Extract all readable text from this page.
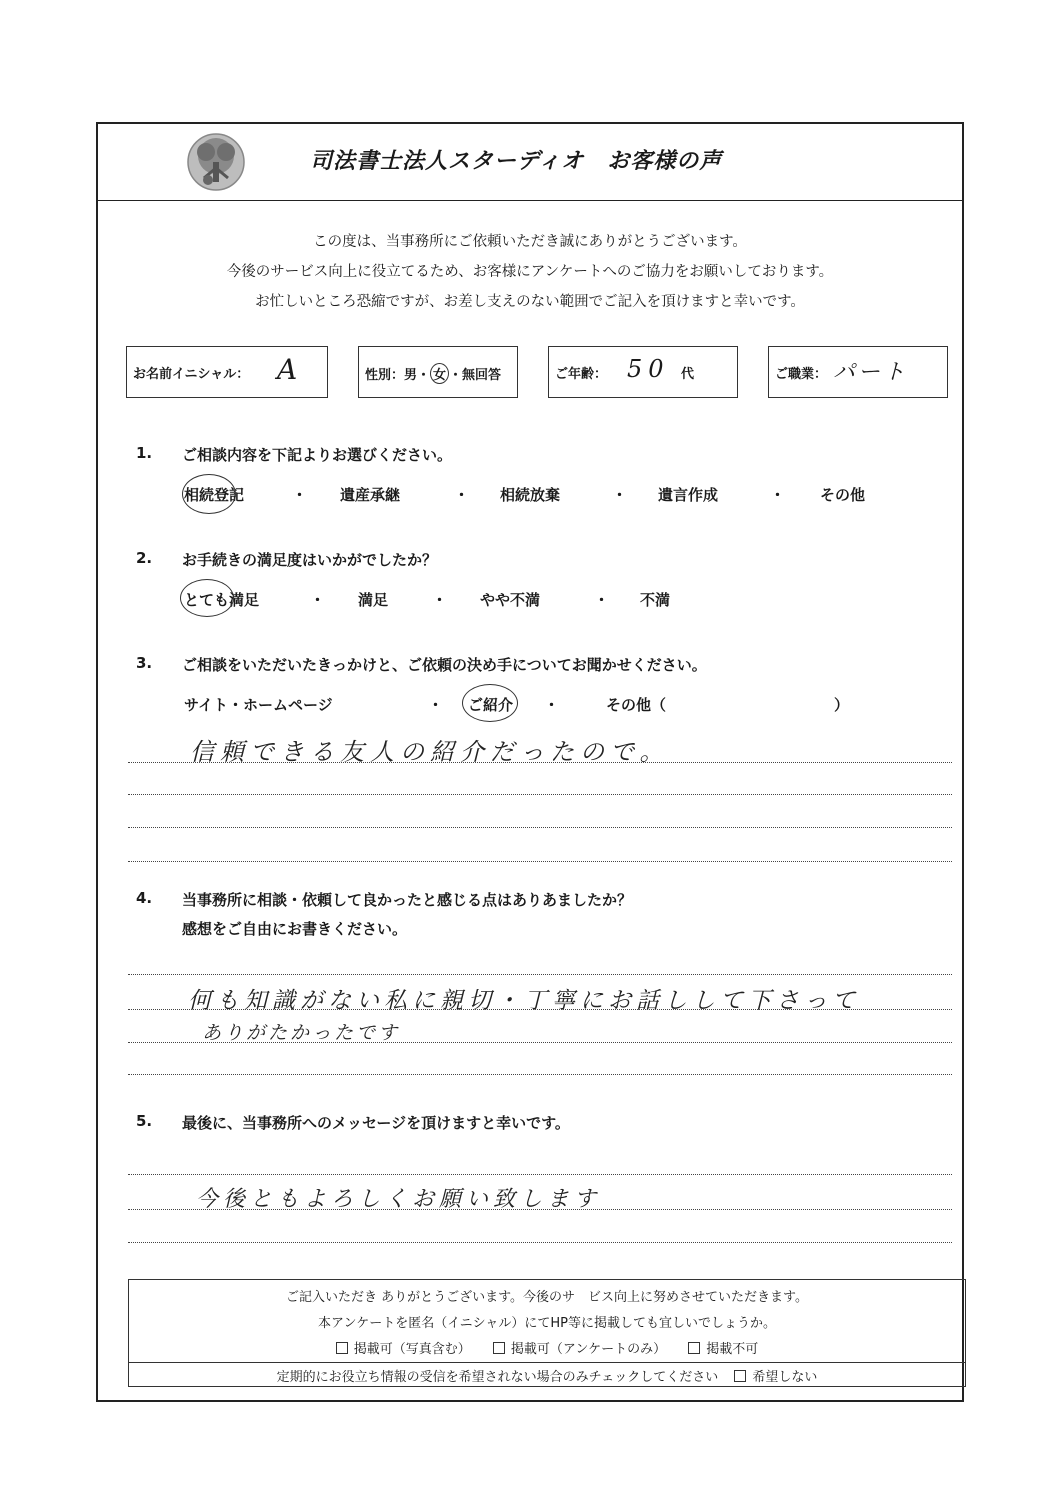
司法書士法人スターディオ　お客様の声
この度は、当事務所にご依頼いただき誠にありがとうございます。
今後のサービス向上に役立てるため、お客様にアンケートへのご協力をお願いしております。
お忙しいところ恐縮ですが、お差し支えのない範囲でご記入を頂けますと幸いです。
お名前イニシャル： A	性別：男・ 女 ・無回答	ご年齢： 50 代	ご職業： パート
1. ご相談内容を下記よりお選びください。
相続登記	・ 遺産承継	・ 相続放棄	・ 遺言作成	・ その他
2. お手続きの満足度はいかがでしたか？
とても満足	・ 満足	・ やや不満	・ 不満
3. ご相談をいただいたきっかけと、ご依頼の決め手についてお聞かせください。
サイト・ホームページ	・ ご紹介 ・	その他（	）
信頼できる友人の紹介だったので。
4. 当事務所に相談・依頼して良かったと感じる点はありあましたか？
感想をご自由にお書きください。
何も知識がない私に親切・丁寧にお話しして下さって
ありがたかったです
5. 最後に、当事務所へのメッセージを頂けますと幸いです。
今後ともよろしくお願い致します
ご記入いただき ありがとうございます。今後のサ　ビス向上に努めさせていただきます。
本アンケートを匿名（イニシャル）にてHP等に掲載しても宜しいでしょうか。
掲載可（写真含む）	掲載可（アンケートのみ）	掲載不可
定期的にお役立ち情報の受信を希望されない場合のみチェックしてください	希望しない
